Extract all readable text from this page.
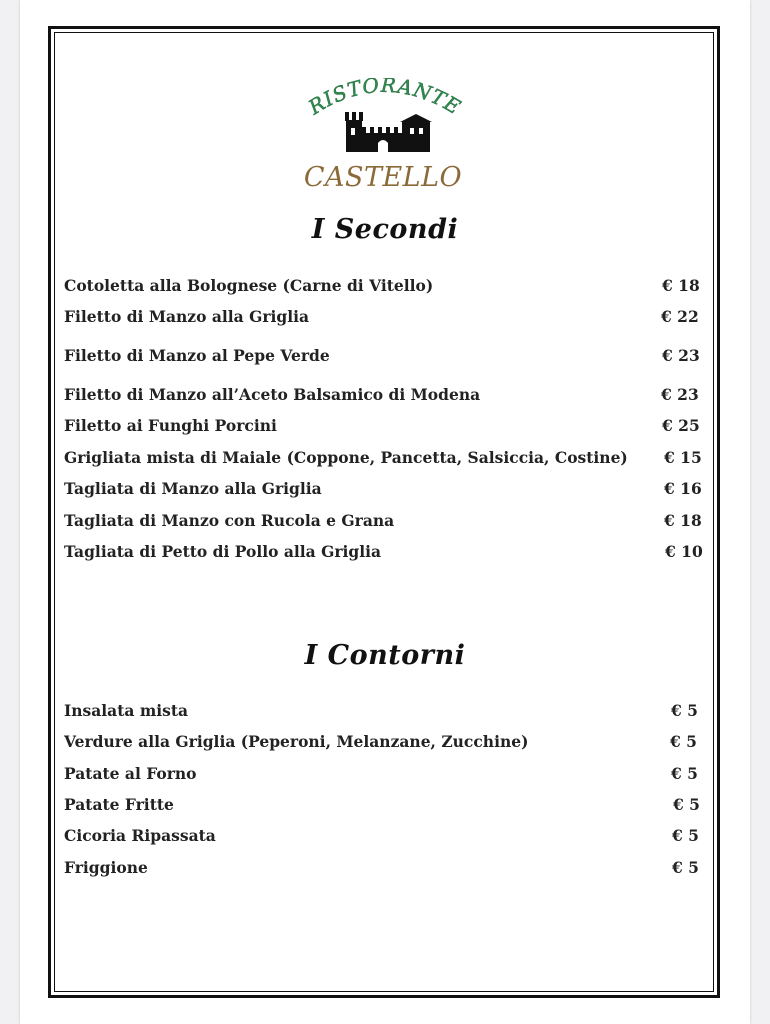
RISTORANTE
CASTELLO
I Secondi
I Contorni
Cotoletta alla Bolognese (Carne di Vitello)	€ 18
Filetto di Manzo alla Griglia	€ 22
Filetto di Manzo al Pepe Verde	€ 23
Filetto di Manzo all’Aceto Balsamico di Modena	€ 23
Filetto ai Funghi Porcini	€ 25
Grigliata mista di Maiale (Coppone, Pancetta, Salsiccia, Costine) € 15
Tagliata di Manzo alla Griglia	€ 16
Tagliata di Manzo con Rucola e Grana	€ 18
Tagliata di Petto di Pollo alla Griglia	€ 10
Insalata mista	€ 5
Verdure alla Griglia (Peperoni, Melanzane, Zucchine)	€ 5
Patate al Forno	€ 5
Patate Fritte	€ 5
Cicoria Ripassata	€ 5
Friggione	€ 5
